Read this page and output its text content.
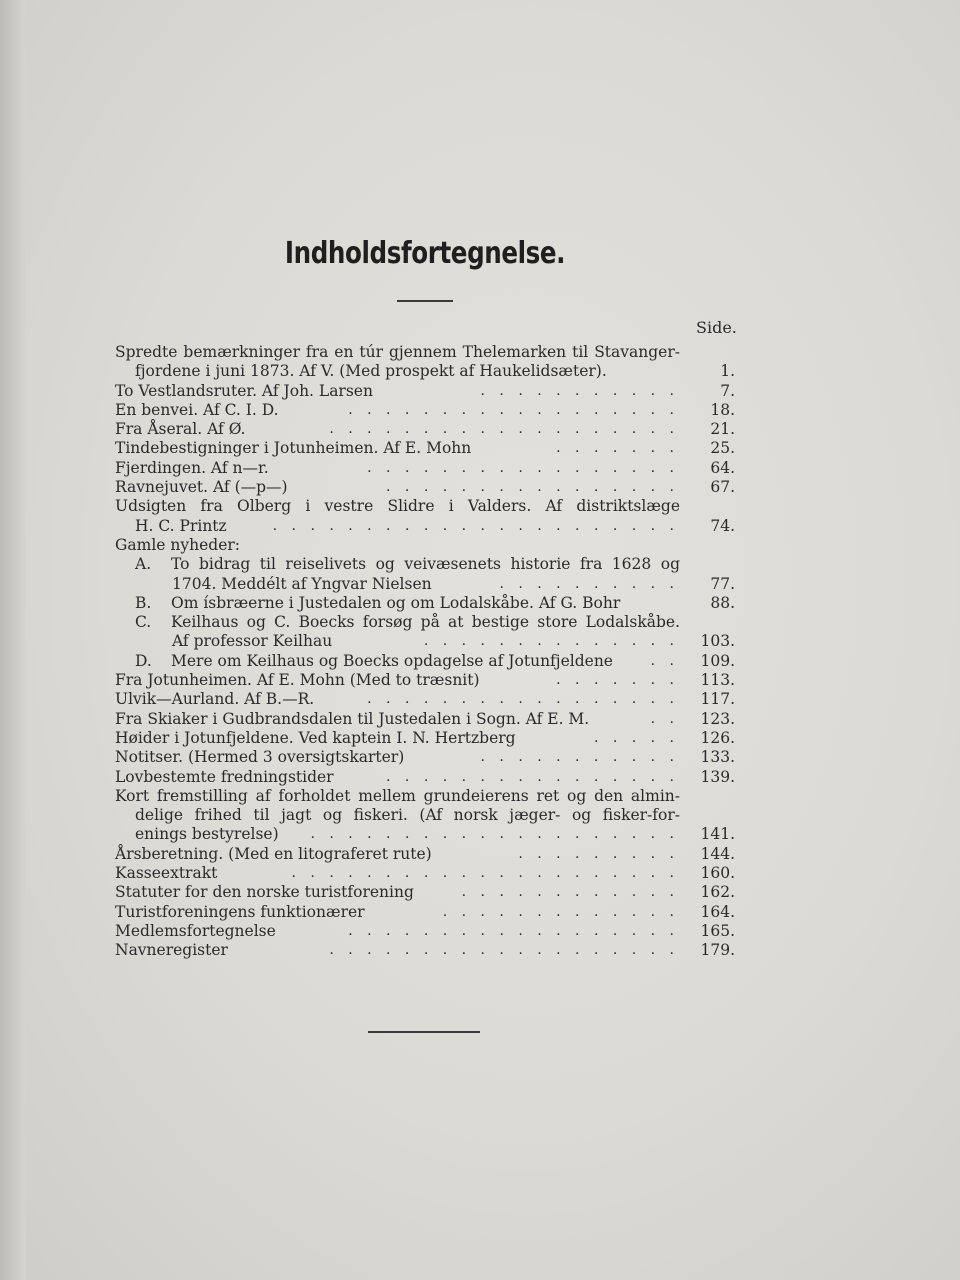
Indholdsfortegnelse.
Side.
Spredte bemærkninger fra en túr gjennem Thelemarken til Stavanger-
fjordene i juni 1873. Af V. (Med prospekt af Haukelidsæter).	1.
To Vestlandsruter. Af Joh. Larsen	. . . . . . . . . . .	7.
En benvei. Af C. I. D.	. . . . . . . . . . . . . . . . . .	18.
Fra Åseral. Af Ø.	. . . . . . . . . . . . . . . . . . .	21.
Tindebestigninger i Jotunheimen. Af E. Mohn	. . . . . . .	25.
Fjerdingen. Af n—r.	. . . . . . . . . . . . . . . . .	64.
Ravnejuvet. Af (—p—)	. . . . . . . . . . . . . . . .	67.
Udsigten fra Olberg i vestre Slidre i Valders. Af distriktslæge
H. C. Printz	. . . . . . . . . . . . . . . . . . . . . .	74.
Gamle nyheder:
A. To bidrag til reiselivets og veivæsenets historie fra 1628 og
1704. Meddélt af Yngvar Nielsen	. . . . . . . . . .	77.
B. Om ísbræerne i Justedalen og om Lodalskåbe. Af G. Bohr	88.
C. Keilhaus og C. Boecks forsøg på at bestige store Lodalskåbe.
Af professor Keilhau	. . . . . . . . . . . . . .	103.
D. Mere om Keilhaus og Boecks opdagelse af Jotunfjeldene	. .	109.
Fra Jotunheimen. Af E. Mohn (Med to træsnit)	. . . . . . .	113.
Ulvik—Aurland. Af B.—R.	. . . . . . . . . . . . . . . . .	117.
Fra Skiaker i Gudbrandsdalen til Justedalen i Sogn. Af E. M.	. .	123.
Høider i Jotunfjeldene. Ved kaptein I. N. Hertzberg	. . . . .	126.
Notitser. (Hermed 3 oversigtskarter)	. . . . . . . . . . .	133.
Lovbestemte fredningstider	. . . . . . . . . . . . . . . .	139.
Kort fremstilling af forholdet mellem grundeierens ret og den almin-
delige frihed til jagt og fiskeri. (Af norsk jæger- og fisker-for-
enings bestyrelse) . . . . . . . . . . . . . . . . . . . .	141.
Årsberetning. (Med en litograferet rute)	. . . . . . . . .	144.
Kasseextrakt	. . . . . . . . . . . . . . . . . . . . .	160.
Statuter for den norske turistforening	. . . . . . . . . . . .	162.
Turistforeningens funktionærer	. . . . . . . . . . . . .	164.
Medlemsfortegnelse	. . . . . . . . . . . . . . . . . .	165.
Navneregister	. . . . . . . . . . . . . . . . . . .	179.
